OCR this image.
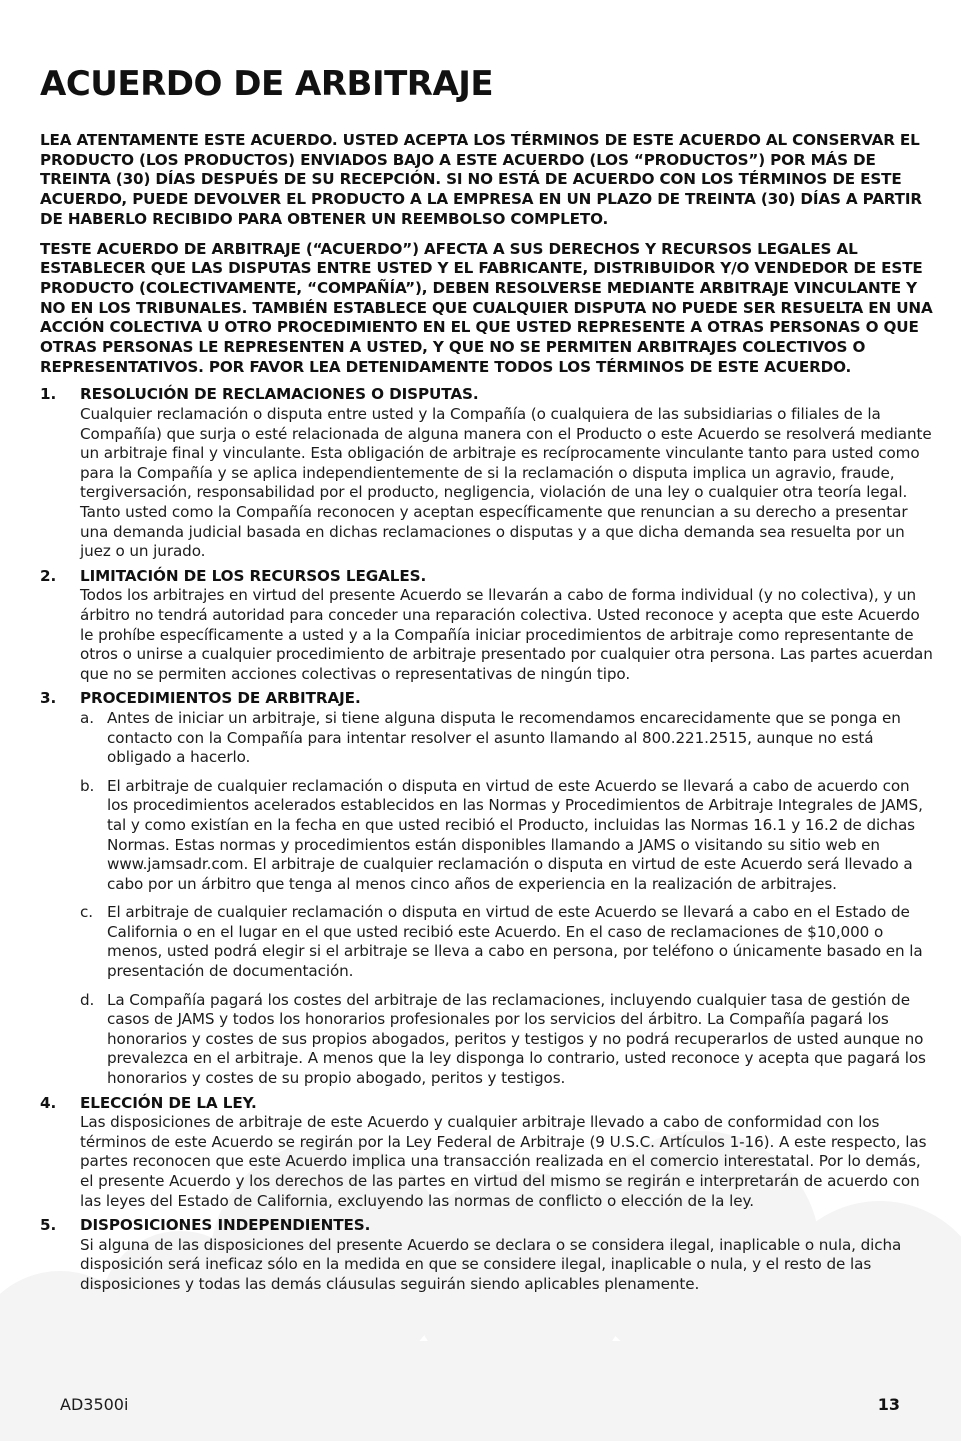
ACUERDO DE ARBITRAJE

LEA ATENTAMENTE ESTE ACUERDO. USTED ACEPTA LOS TÉRMINOS DE ESTE ACUERDO AL CONSERVAR EL PRODUCTO (LOS PRODUCTOS) ENVIADOS BAJO A ESTE ACUERDO (LOS “PRODUCTOS”) POR MÁS DE TREINTA (30) DÍAS DESPUÉS DE SU RECEPCIÓN. SI NO ESTÁ DE ACUERDO CON LOS TÉRMINOS DE ESTE ACUERDO, PUEDE DEVOLVER EL PRODUCTO A LA EMPRESA EN UN PLAZO DE TREINTA (30) DÍAS A PARTIR DE HABERLO RECIBIDO PARA OBTENER UN REEMBOLSO COMPLETO.

TESTE ACUERDO DE ARBITRAJE (“ACUERDO”) AFECTA A SUS DERECHOS Y RECURSOS LEGALES AL ESTABLECER QUE LAS DISPUTAS ENTRE USTED Y EL FABRICANTE, DISTRIBUIDOR Y/O VENDEDOR DE ESTE PRODUCTO (COLECTIVAMENTE, “COMPAÑÍA”), DEBEN RESOLVERSE MEDIANTE ARBITRAJE VINCULANTE Y NO EN LOS TRIBUNALES. TAMBIÉN ESTABLECE QUE CUALQUIER DISPUTA NO PUEDE SER RESUELTA EN UNA ACCIÓN COLECTIVA U OTRO PROCEDIMIENTO EN EL QUE USTED REPRESENTE A OTRAS PERSONAS O QUE OTRAS PERSONAS LE REPRESENTEN A USTED, Y QUE NO SE PERMITEN ARBITRAJES COLECTIVOS O REPRESENTATIVOS. POR FAVOR LEA DETENIDAMENTE TODOS LOS TÉRMINOS DE ESTE ACUERDO.

1. RESOLUCIÓN DE RECLAMACIONES O DISPUTAS.
Cualquier reclamación o disputa entre usted y la Compañía (o cualquiera de las subsidiarias o filiales de la Compañía) que surja o esté relacionada de alguna manera con el Producto o este Acuerdo se resolverá mediante un arbitraje final y vinculante. Esta obligación de arbitraje es recíprocamente vinculante tanto para usted como para la Compañía y se aplica independientemente de si la reclamación o disputa implica un agravio, fraude, tergiversación, responsabilidad por el producto, negligencia, violación de una ley o cualquier otra teoría legal. Tanto usted como la Compañía reconocen y aceptan específicamente que renuncian a su derecho a presentar una demanda judicial basada en dichas reclamaciones o disputas y a que dicha demanda sea resuelta por un juez o un jurado.
2. LIMITACIÓN DE LOS RECURSOS LEGALES.
Todos los arbitrajes en virtud del presente Acuerdo se llevarán a cabo de forma individual (y no colectiva), y un árbitro no tendrá autoridad para conceder una reparación colectiva. Usted reconoce y acepta que este Acuerdo le prohíbe específicamente a usted y a la Compañía iniciar procedimientos de arbitraje como representante de otros o unirse a cualquier procedimiento de arbitraje presentado por cualquier otra persona. Las partes acuerdan que no se permiten acciones colectivas o representativas de ningún tipo.
3. PROCEDIMIENTOS DE ARBITRAJE.
a. Antes de iniciar un arbitraje, si tiene alguna disputa le recomendamos encarecidamente que se ponga en contacto con la Compañía para intentar resolver el asunto llamando al 800.221.2515, aunque no está obligado a hacerlo.
b. El arbitraje de cualquier reclamación o disputa en virtud de este Acuerdo se llevará a cabo de acuerdo con los procedimientos acelerados establecidos en las Normas y Procedimientos de Arbitraje Integrales de JAMS, tal y como existían en la fecha en que usted recibió el Producto, incluidas las Normas 16.1 y 16.2 de dichas Normas. Estas normas y procedimientos están disponibles llamando a JAMS o visitando su sitio web en www.jamsadr.com. El arbitraje de cualquier reclamación o disputa en virtud de este Acuerdo será llevado a cabo por un árbitro que tenga al menos cinco años de experiencia en la realización de arbitrajes.
c. El arbitraje de cualquier reclamación o disputa en virtud de este Acuerdo se llevará a cabo en el Estado de California o en el lugar en el que usted recibió este Acuerdo. En el caso de reclamaciones de $10,000 o menos, usted podrá elegir si el arbitraje se lleva a cabo en persona, por teléfono o únicamente basado en la presentación de documentación.
d. La Compañía pagará los costes del arbitraje de las reclamaciones, incluyendo cualquier tasa de gestión de casos de JAMS y todos los honorarios profesionales por los servicios del árbitro. La Compañía pagará los honorarios y costes de sus propios abogados, peritos y testigos y no podrá recuperarlos de usted aunque no prevalezca en el arbitraje. A menos que la ley disponga lo contrario, usted reconoce y acepta que pagará los honorarios y costes de su propio abogado, peritos y testigos.
4. ELECCIÓN DE LA LEY.
Las disposiciones de arbitraje de este Acuerdo y cualquier arbitraje llevado a cabo de conformidad con los términos de este Acuerdo se regirán por la Ley Federal de Arbitraje (9 U.S.C. Artículos 1-16). A este respecto, las partes reconocen que este Acuerdo implica una transacción realizada en el comercio interestatal. Por lo demás, el presente Acuerdo y los derechos de las partes en virtud del mismo se regirán e interpretarán de acuerdo con las leyes del Estado de California, excluyendo las normas de conflicto o elección de la ley.
5. DISPOSICIONES INDEPENDIENTES.
Si alguna de las disposiciones del presente Acuerdo se declara o se considera ilegal, inaplicable o nula, dicha disposición será ineficaz sólo en la medida en que se considere ilegal, inaplicable o nula, y el resto de las disposiciones y todas las demás cláusulas seguirán siendo aplicables plenamente.
AD3500i	13
